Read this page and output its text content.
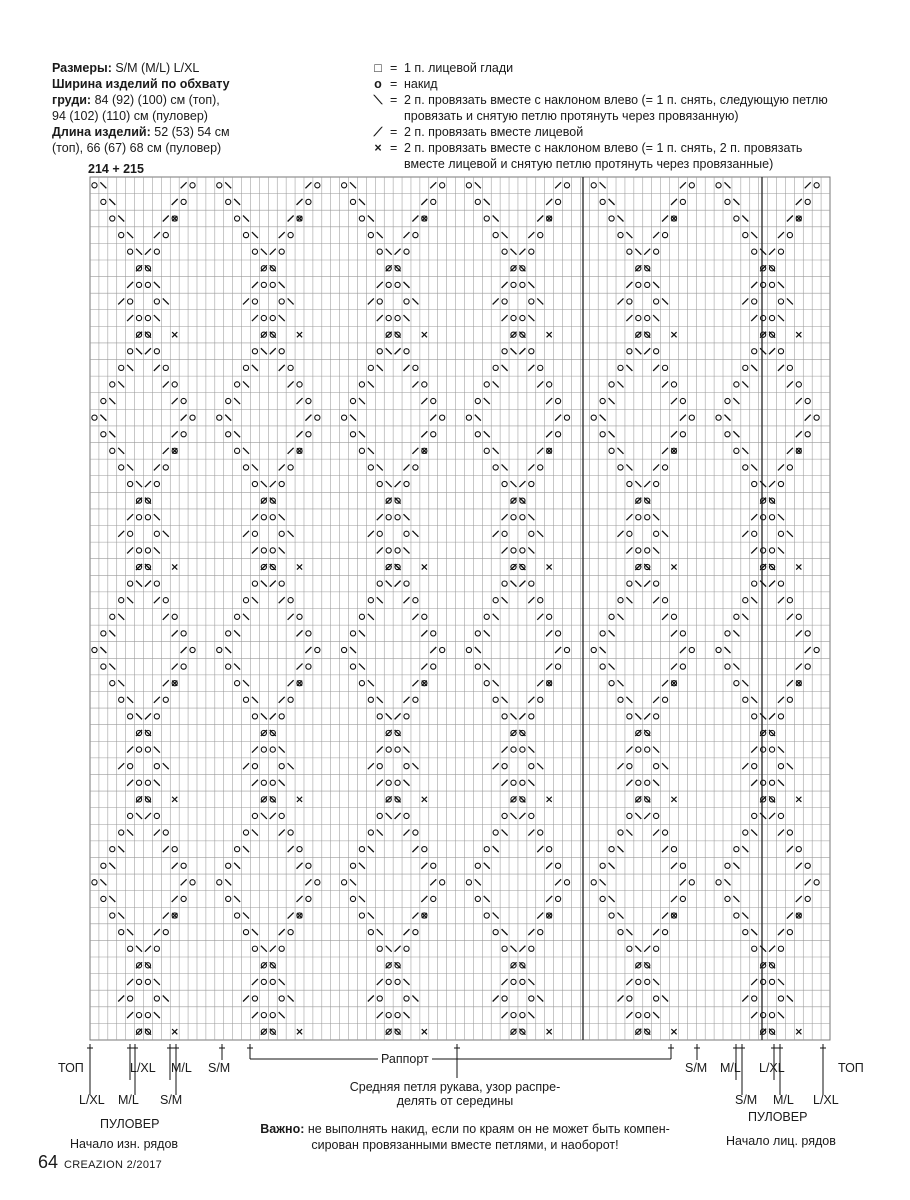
Размеры: S/M (M/L) L/XL
Ширина изделий по обхвату
груди: 84 (92) (100) см (топ),
94 (102) (110) см (пуловер)
Длина изделий: 52 (53) 54 см
(топ), 66 (67) 68 см (пуловер)
□ = 1 п. лицевой глади
o = накид
⟍ = 2 п. провязать вместе с наклоном влево (= 1 п. снять, следующую петлю провязать и снятую петлю протянуть через провязанную)
⟋ = 2 п. провязать вместе лицевой
× = 2 п. провязать вместе с наклоном влево (= 1 п. снять, 2 п. провязать вместе лицевой и снятую петлю протянуть через провязанные)
214 + 215
ТОП	L/XL M/L S/M
L/XL M/L S/M
ПУЛОВЕР
Начало изн. рядов
Раппорт
Средняя петля рукава, узор распре-
делять от середины
S/M M/L L/XL	ТОП
S/M M/L L/XL
ПУЛОВЕР
Начало лиц. рядов
Важно: не выполнять накид, если по краям он не может быть компен-
сирован провязанными вместе петлями, и наоборот!
64 CREAZION 2/2017
